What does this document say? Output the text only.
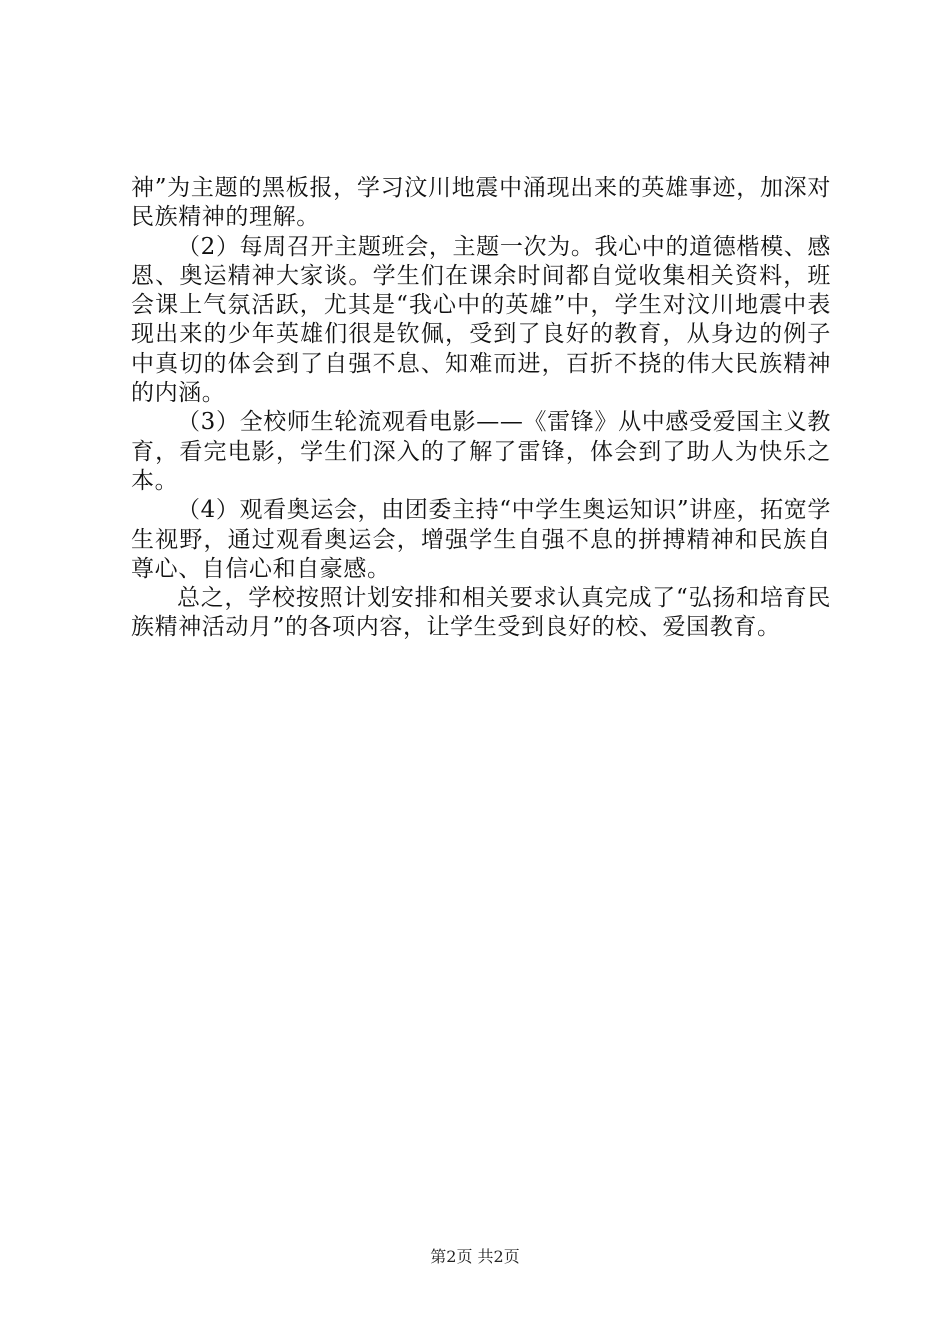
神”为主题的黑板报，学习汶川地震中涌现出来的英雄事迹，加深对民族精神的理解。

（2）每周召开主题班会，主题一次为。我心中的道德楷模、感恩、奥运精神大家谈。学生们在课余时间都自觉收集相关资料，班会课上气氛活跃，尤其是“我心中的英雄”中，学生对汶川地震中表现出来的少年英雄们很是钦佩，受到了良好的教育，从身边的例子中真切的体会到了自强不息、知难而进，百折不挠的伟大民族精神的内涵。

（3）全校师生轮流观看电影——《雷锋》从中感受爱国主义教育，看完电影，学生们深入的了解了雷锋，体会到了助人为快乐之本。

（4）观看奥运会，由团委主持“中学生奥运知识”讲座，拓宽学生视野，通过观看奥运会，增强学生自强不息的拼搏精神和民族自尊心、自信心和自豪感。

总之，学校按照计划安排和相关要求认真完成了“弘扬和培育民族精神活动月”的各项内容，让学生受到良好的校、爱国教育。

第2页 共2页
